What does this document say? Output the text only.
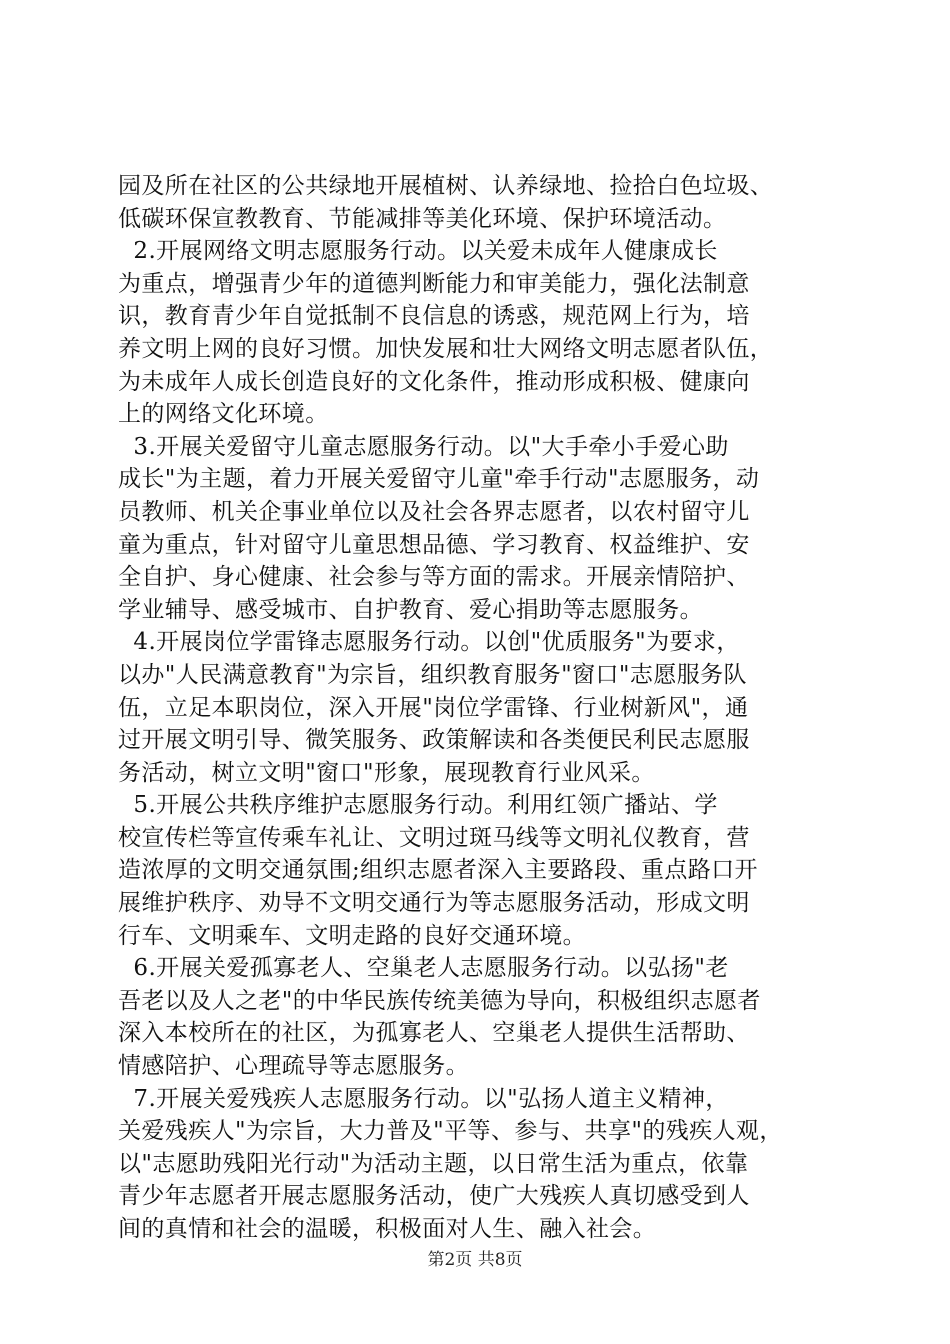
园及所在社区的公共绿地开展植树、认养绿地、捡拾白色垃圾、
低碳环保宣教教育、节能减排等美化环境、保护环境活动。
2.开展网络文明志愿服务行动。以关爱未成年人健康成长
为重点，增强青少年的道德判断能力和审美能力，强化法制意
识，教育青少年自觉抵制不良信息的诱惑，规范网上行为，培
养文明上网的良好习惯。加快发展和壮大网络文明志愿者队伍，
为未成年人成长创造良好的文化条件，推动形成积极、健康向
上的网络文化环境。
3.开展关爱留守儿童志愿服务行动。以"大手牵小手爱心助
成长"为主题，着力开展关爱留守儿童"牵手行动"志愿服务，动
员教师、机关企事业单位以及社会各界志愿者，以农村留守儿
童为重点，针对留守儿童思想品德、学习教育、权益维护、安
全自护、身心健康、社会参与等方面的需求。开展亲情陪护、
学业辅导、感受城市、自护教育、爱心捐助等志愿服务。
4.开展岗位学雷锋志愿服务行动。以创"优质服务"为要求，
以办"人民满意教育"为宗旨，组织教育服务"窗口"志愿服务队
伍，立足本职岗位，深入开展"岗位学雷锋、行业树新风"，通
过开展文明引导、微笑服务、政策解读和各类便民利民志愿服
务活动，树立文明"窗口"形象，展现教育行业风采。
5.开展公共秩序维护志愿服务行动。利用红领广播站、学
校宣传栏等宣传乘车礼让、文明过斑马线等文明礼仪教育，营
造浓厚的文明交通氛围;组织志愿者深入主要路段、重点路口开
展维护秩序、劝导不文明交通行为等志愿服务活动，形成文明
行车、文明乘车、文明走路的良好交通环境。
6.开展关爱孤寡老人、空巢老人志愿服务行动。以弘扬"老
吾老以及人之老"的中华民族传统美德为导向，积极组织志愿者
深入本校所在的社区，为孤寡老人、空巢老人提供生活帮助、
情感陪护、心理疏导等志愿服务。
7.开展关爱残疾人志愿服务行动。以"弘扬人道主义精神，
关爱残疾人"为宗旨，大力普及"平等、参与、共享"的残疾人观，
以"志愿助残阳光行动"为活动主题，以日常生活为重点，依靠
青少年志愿者开展志愿服务活动，使广大残疾人真切感受到人
间的真情和社会的温暖，积极面对人生、融入社会。
第2页 共8页
